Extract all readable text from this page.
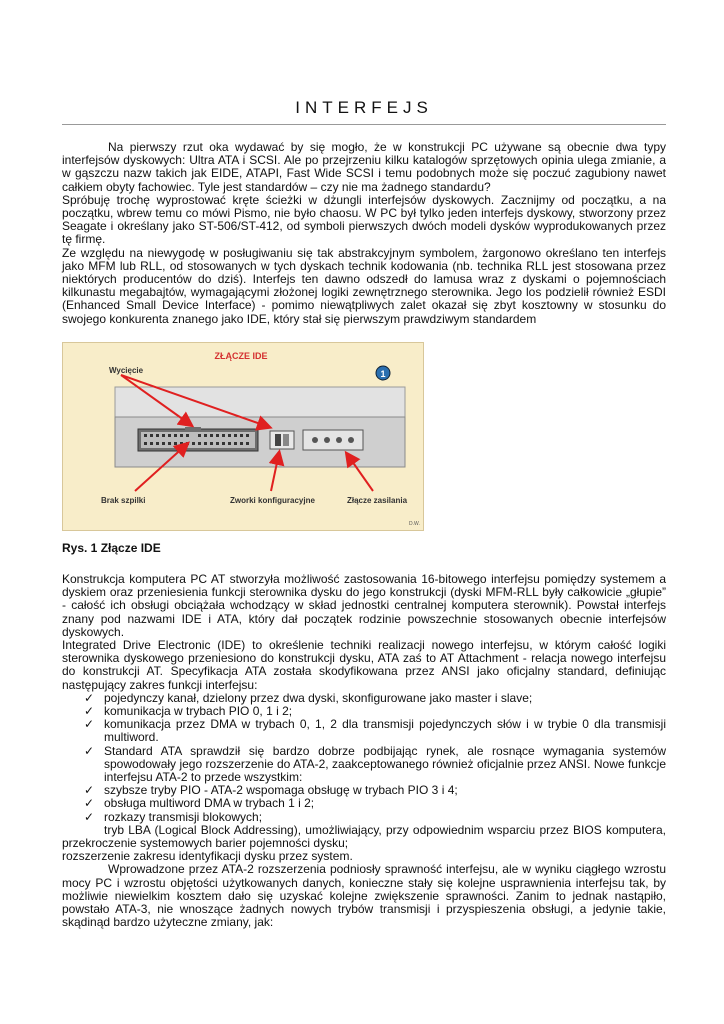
INTERFEJS

Na pierwszy rzut oka wydawać by się mogło, że w konstrukcji PC używane są obecnie dwa typy interfejsów dyskowych: Ultra ATA i SCSI. Ale po przejrzeniu kilku katalogów sprzętowych opinia ulega zmianie, a w gąszczu nazw takich jak EIDE, ATAPI, Fast Wide SCSI i temu podobnych może się poczuć zagubiony nawet całkiem obyty fachowiec. Tyle jest standardów – czy nie ma żadnego standardu?

Spróbuję trochę wyprostować kręte ścieżki w dżungli interfejsów dyskowych. Zacznijmy od początku, a na początku, wbrew temu co mówi Pismo, nie było chaosu. W PC był tylko jeden interfejs dyskowy, stworzony przez Seagate i określany jako ST-506/ST-412, od symboli pierwszych dwóch modeli dysków wyprodukowanych przez tę firmę.

Ze względu na niewygodę w posługiwaniu się tak abstrakcyjnym symbolem, żargonowo określano ten interfejs jako MFM lub RLL, od stosowanych w tych dyskach technik kodowania (nb. technika RLL jest stosowana przez niektórych producentów do dziś). Interfejs ten dawno odszedł do lamusa wraz z dyskami o pojemnościach kilkunastu megabajtów, wymagającymi złożonej logiki zewnętrznego sterownika. Jego los podzielił również ESDI (Enhanced Small Device Interface) - pomimo niewątpliwych zalet okazał się zbyt kosztowny w stosunku do swojego konkurenta znanego jako IDE, który stał się pierwszym prawdziwym standardem

ZŁĄCZE IDE
1
Wycięcie
Brak szpilki	Zworki konfiguracyjne	Złącze zasilania
D.W.
Rys. 1 Złącze IDE

Konstrukcja komputera PC AT stworzyła możliwość zastosowania 16-bitowego interfejsu pomiędzy systemem a dyskiem oraz przeniesienia funkcji sterownika dysku do jego konstrukcji (dyski MFM-RLL były całkowicie „głupie” - całość ich obsługi obciążała wchodzący w skład jednostki centralnej komputera sterownik). Powstał interfejs znany pod nazwami IDE i ATA, który dał początek rodzinie powszechnie stosowanych obecnie interfejsów dyskowych.

Integrated Drive Electronic (IDE) to określenie techniki realizacji nowego interfejsu, w którym całość logiki sterownika dyskowego przeniesiono do konstrukcji dysku, ATA zaś to AT Attachment - relacja nowego interfejsu do konstrukcji AT. Specyfikacja ATA została skodyfikowana przez ANSI jako oficjalny standard, definiując następujący zakres funkcji interfejsu:

✓ pojedynczy kanał, dzielony przez dwa dyski, skonfigurowane jako master i slave;
✓ komunikacja w trybach PIO 0, 1 i 2;
✓ komunikacja przez DMA w trybach 0, 1, 2 dla transmisji pojedynczych słów i w trybie 0 dla transmisji multiword.
✓ Standard ATA sprawdził się bardzo dobrze podbijając rynek, ale rosnące wymagania systemów spowodowały jego rozszerzenie do ATA-2, zaakceptowanego również oficjalnie przez ANSI. Nowe funkcje interfejsu ATA-2 to przede wszystkim:
✓ szybsze tryby PIO - ATA-2 wspomaga obsługę w trybach PIO 3 i 4;
✓ obsługa multiword DMA w trybach 1 i 2;
✓ rozkazy transmisji blokowych;

tryb LBA (Logical Block Addressing), umożliwiający, przy odpowiednim wsparciu przez BIOS komputera, przekroczenie systemowych barier pojemności dysku;

rozszerzenie zakresu identyfikacji dysku przez system.

Wprowadzone przez ATA-2 rozszerzenia podniosły sprawność interfejsu, ale w wyniku ciągłego wzrostu mocy PC i wzrostu objętości użytkowanych danych, konieczne stały się kolejne usprawnienia interfejsu tak, by możliwie niewielkim kosztem dało się uzyskać kolejne zwiększenie sprawności. Zanim to jednak nastąpiło, powstało ATA-3, nie wnoszące żadnych nowych trybów transmisji i przyspieszenia obsługi, a jedynie takie, skądinąd bardzo użyteczne zmiany, jak:
